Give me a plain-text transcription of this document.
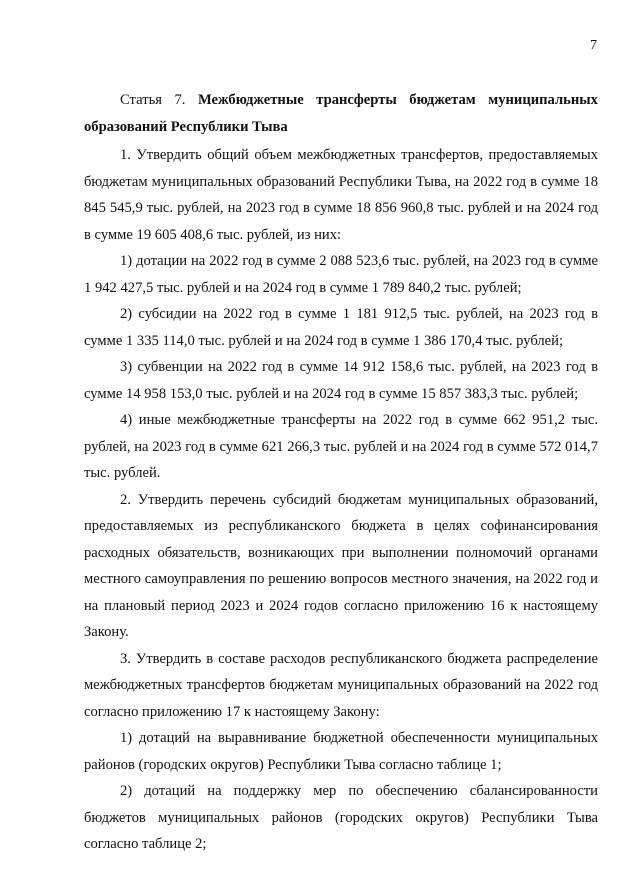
7

Статья 7. Межбюджетные трансферты бюджетам муниципальных образований Республики Тыва

1. Утвердить общий объем межбюджетных трансфертов, предоставляемых бюджетам муниципальных образований Республики Тыва, на 2022 год в сумме 18 845 545,9 тыс. рублей, на 2023 год в сумме 18 856 960,8 тыс. рублей и на 2024 год в сумме 19 605 408,6 тыс. рублей, из них:

1) дотации на 2022 год в сумме 2 088 523,6 тыс. рублей, на 2023 год в сумме 1 942 427,5 тыс. рублей и на 2024 год в сумме 1 789 840,2 тыс. рублей;

2) субсидии на 2022 год в сумме 1 181 912,5 тыс. рублей, на 2023 год в сумме 1 335 114,0 тыс. рублей и на 2024 год в сумме 1 386 170,4 тыс. рублей;

3) субвенции на 2022 год в сумме 14 912 158,6 тыс. рублей, на 2023 год в сумме 14 958 153,0 тыс. рублей и на 2024 год в сумме 15 857 383,3 тыс. рублей;

4) иные межбюджетные трансферты на 2022 год в сумме 662 951,2 тыс. рублей, на 2023 год в сумме 621 266,3 тыс. рублей и на 2024 год в сумме 572 014,7 тыс. рублей.

2. Утвердить перечень субсидий бюджетам муниципальных образований, предоставляемых из республиканского бюджета в целях софинансирования расходных обязательств, возникающих при выполнении полномочий органами местного самоуправления по решению вопросов местного значения, на 2022 год и на плановый период 2023 и 2024 годов согласно приложению 16 к настоящему Закону.

3. Утвердить в составе расходов республиканского бюджета распределение межбюджетных трансфертов бюджетам муниципальных образований на 2022 год согласно приложению 17 к настоящему Закону:

1) дотаций на выравнивание бюджетной обеспеченности муниципальных районов (городских округов) Республики Тыва согласно таблице 1;

2) дотаций на поддержку мер по обеспечению сбалансированности бюджетов муниципальных районов (городских округов) Республики Тыва согласно таблице 2;
